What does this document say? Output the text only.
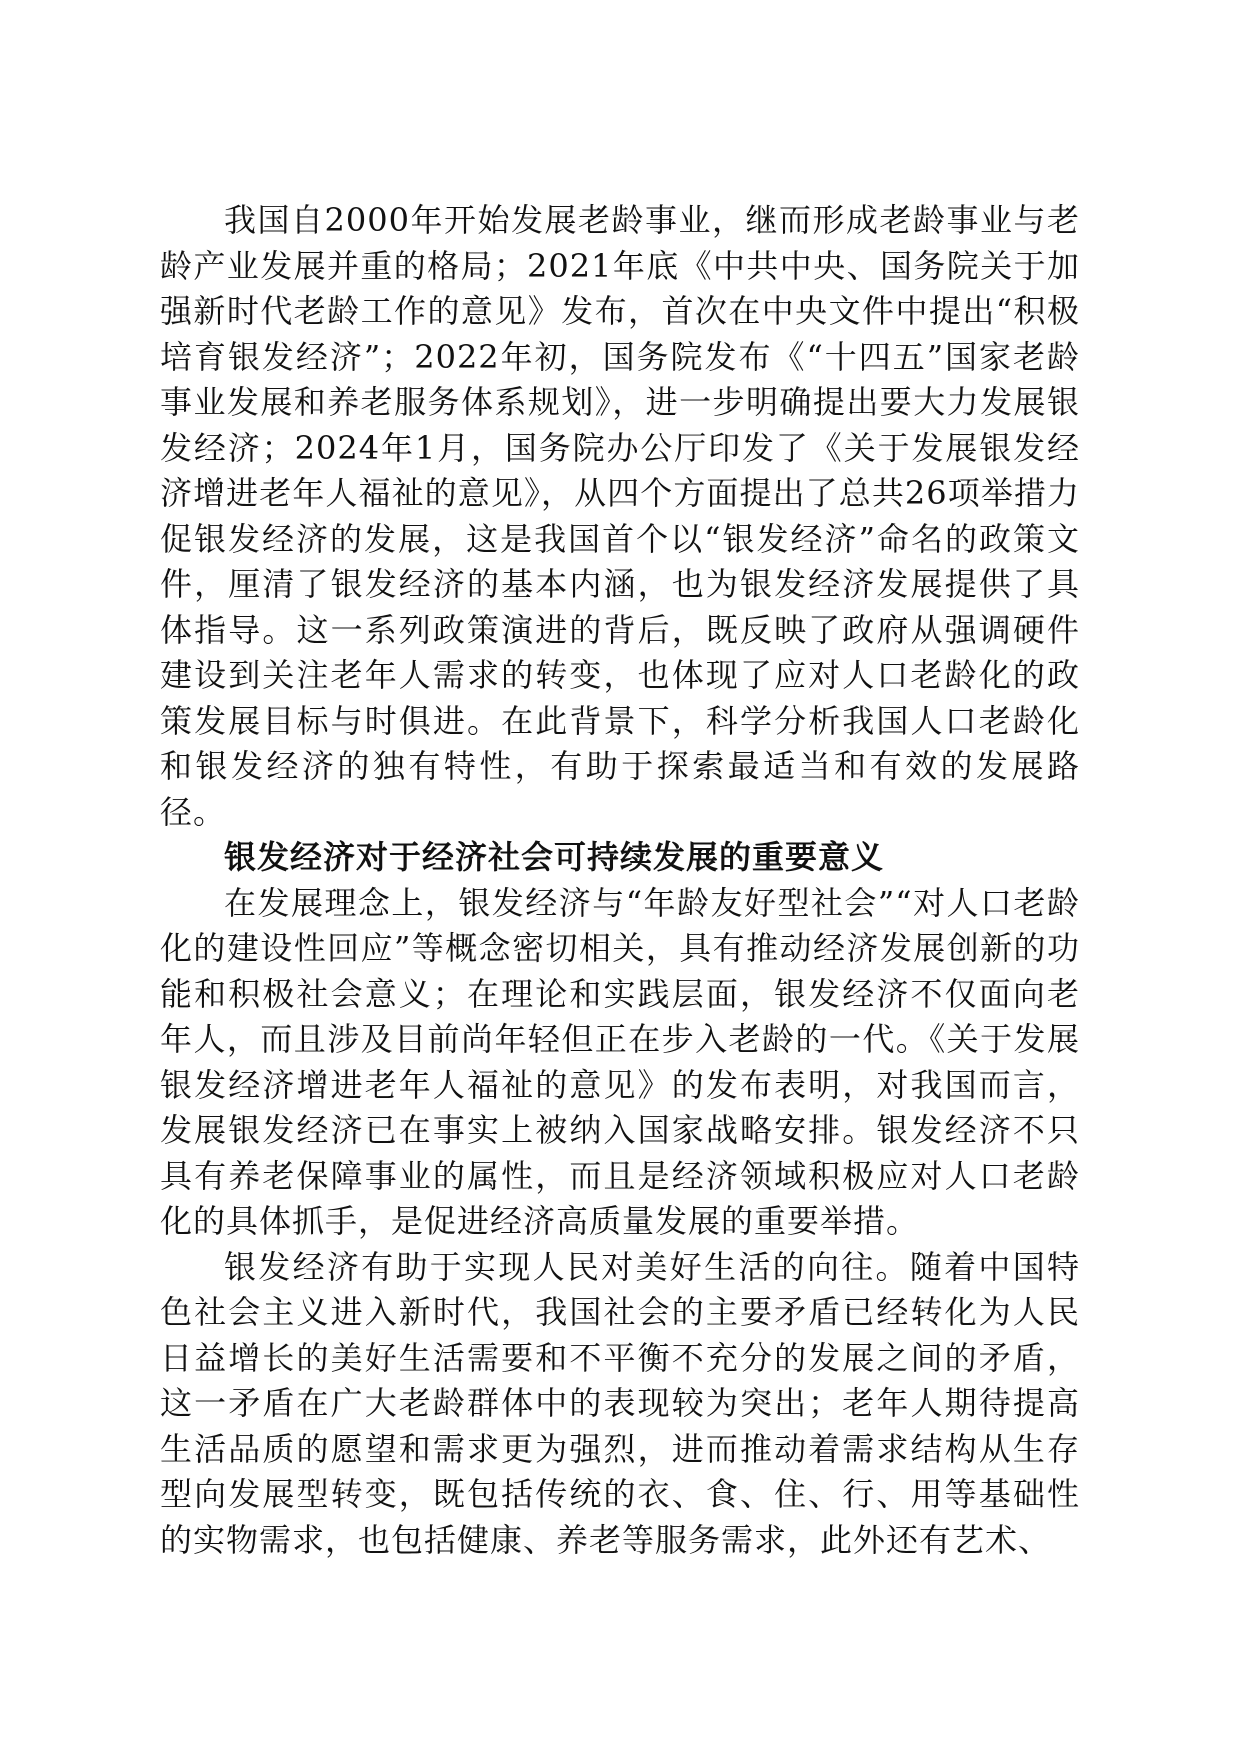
我国自2000年开始发展老龄事业，继而形成老龄事业与老龄产业发展并重的格局；2021年底《中共中央、国务院关于加强新时代老龄工作的意见》发布，首次在中央文件中提出“积极培育银发经济”；2022年初，国务院发布《“十四五”国家老龄事业发展和养老服务体系规划》，进一步明确提出要大力发展银发经济；2024年1月，国务院办公厅印发了《关于发展银发经济增进老年人福祉的意见》，从四个方面提出了总共26项举措力促银发经济的发展，这是我国首个以“银发经济”命名的政策文件，厘清了银发经济的基本内涵，也为银发经济发展提供了具体指导。这一系列政策演进的背后，既反映了政府从强调硬件建设到关注老年人需求的转变，也体现了应对人口老龄化的政策发展目标与时俱进。在此背景下，科学分析我国人口老龄化和银发经济的独有特性，有助于探索最适当和有效的发展路径。

银发经济对于经济社会可持续发展的重要意义

在发展理念上，银发经济与“年龄友好型社会”“对人口老龄化的建设性回应”等概念密切相关，具有推动经济发展创新的功能和积极社会意义；在理论和实践层面，银发经济不仅面向老年人，而且涉及目前尚年轻但正在步入老龄的一代。《关于发展银发经济增进老年人福祉的意见》的发布表明，对我国而言，发展银发经济已在事实上被纳入国家战略安排。银发经济不只具有养老保障事业的属性，而且是经济领域积极应对人口老龄化的具体抓手，是促进经济高质量发展的重要举措。

银发经济有助于实现人民对美好生活的向往。随着中国特色社会主义进入新时代，我国社会的主要矛盾已经转化为人民日益增长的美好生活需要和不平衡不充分的发展之间的矛盾，这一矛盾在广大老龄群体中的表现较为突出；老年人期待提高生活品质的愿望和需求更为强烈，进而推动着需求结构从生存型向发展型转变，既包括传统的衣、食、住、行、用等基础性的实物需求，也包括健康、养老等服务需求，此外还有艺术、
